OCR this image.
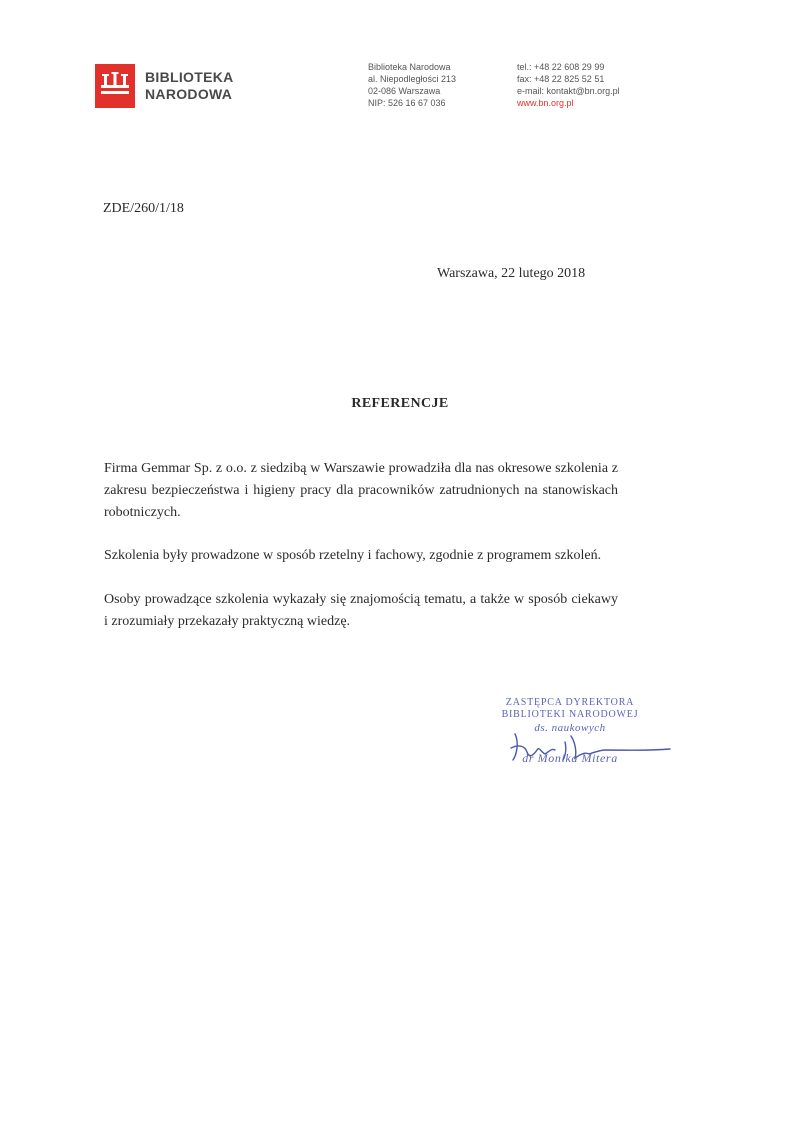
BIBLIOTEKA
NARODOWA
Biblioteka Narodowa
al. Niepodległości 213
02-086 Warszawa
NIP: 526 16 67 036
tel.: +48 22 608 29 99
fax: +48 22 825 52 51
e-mail: kontakt@bn.org.pl
www.bn.org.pl
ZDE/260/1/18
Warszawa, 22 lutego 2018
REFERENCJE
Firma Gemmar Sp. z o.o. z siedzibą w Warszawie prowadziła dla nas okresowe szkolenia z zakresu bezpieczeństwa i higieny pracy dla pracowników zatrudnionych na stanowiskach robotniczych.
Szkolenia były prowadzone w sposób rzetelny i fachowy, zgodnie z programem szkoleń.
Osoby prowadzące szkolenia wykazały się znajomością tematu, a także w sposób ciekawy i zrozumiały przekazały praktyczną wiedzę.
ZASTĘPCA DYREKTORA
BIBLIOTEKI NARODOWEJ
ds. naukowych
dr Monika Mitera
